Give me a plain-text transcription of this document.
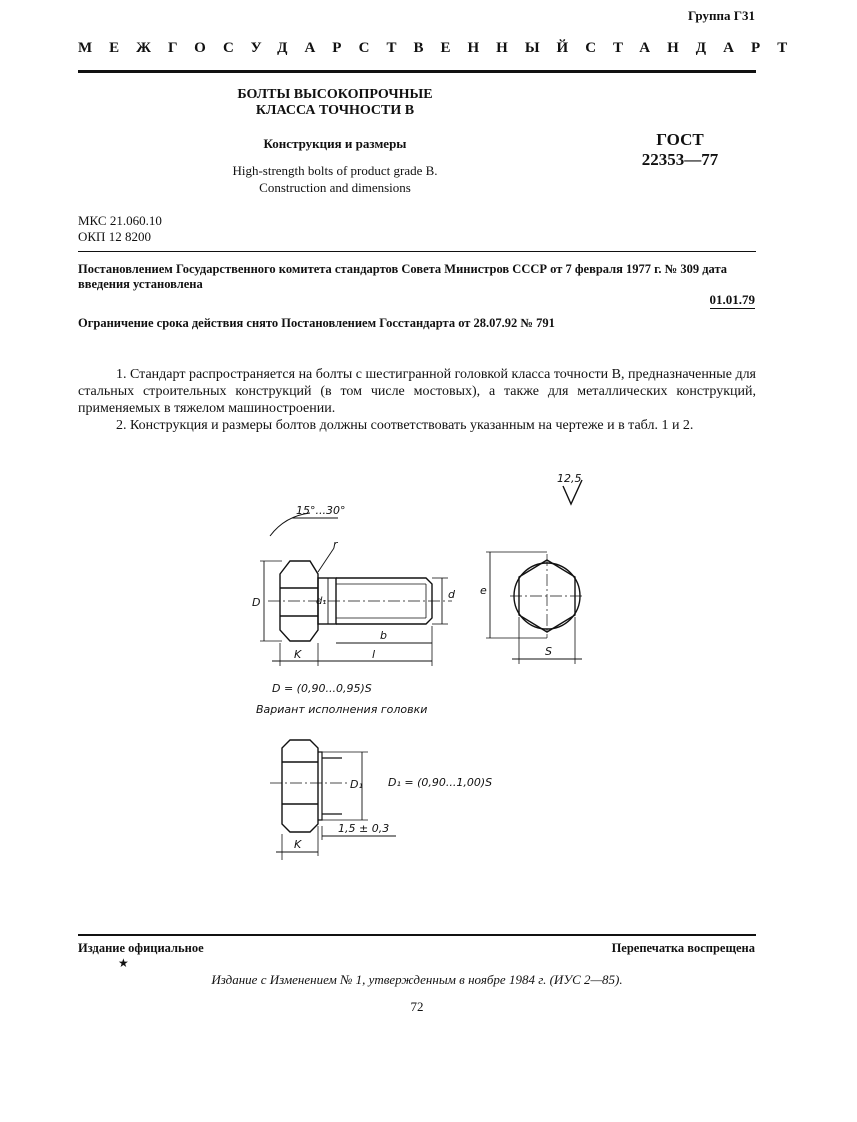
Группа Г31
МЕЖГОСУДАРСТВЕННЫЙ СТАНДАРТ
БОЛТЫ ВЫСОКОПРОЧНЫЕ
КЛАССА ТОЧНОСТИ В
Конструкция и размеры
High-strength bolts of product grade B.
Construction and dimensions
ГОСТ
22353—77
МКС 21.060.10
ОКП 12 8200
Постановлением Государственного комитета стандартов Совета Министров СССР от 7 февраля 1977 г. № 309 дата введения установлена
01.01.79
Ограничение срока действия снято Постановлением Госстандарта от 28.07.92 № 791

1. Стандарт распространяется на болты с шестигранной головкой класса точности В, предназначенные для стальных строительных конструкций (в том числе мостовых), а также для металлических конструкций, применяемых в тяжелом машиностроении.

2. Конструкция и размеры болтов должны соответствовать указанным на чертеже и в табл. 1 и 2.

12,5
15°...30°
r
D	d₁
d e
b
K	l	S
D = (0,90...0,95)S
Вариант исполнения головки
D₁ D₁ = (0,90...1,00)S
1,5 ± 0,3
K
Издание официальное	Перепечатка воспрещена
★
Издание с Изменением № 1, утвержденным в ноябре 1984 г. (ИУС 2—85).
72
